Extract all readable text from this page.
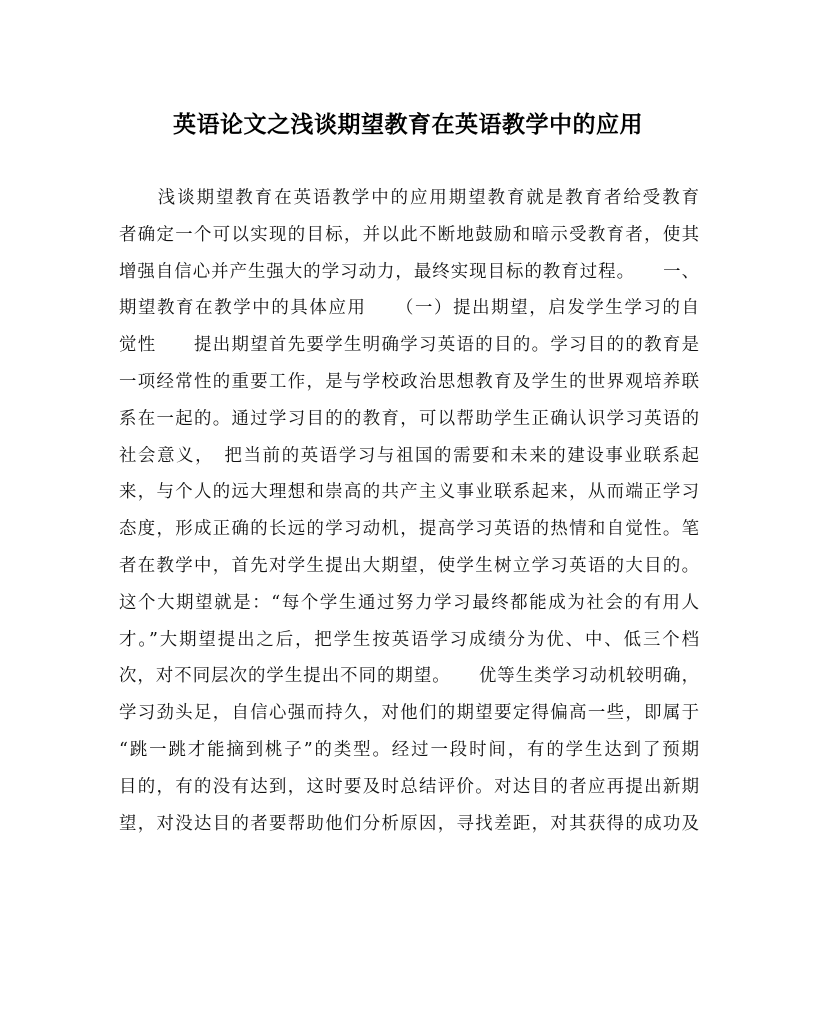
英语论文之浅谈期望教育在英语教学中的应用
　　浅谈期望教育在英语教学中的应用期望教育就是教育者给受教育
者确定一个可以实现的目标，并以此不断地鼓励和暗示受教育者，使其
增强自信心并产生强大的学习动力，最终实现目标的教育过程。　　一、
期望教育在教学中的具体应用　　（一）提出期望，启发学生学习的自
觉性　　提出期望首先要学生明确学习英语的目的。学习目的的教育是
一项经常性的重要工作，是与学校政治思想教育及学生的世界观培养联
系在一起的。通过学习目的的教育，可以帮助学生正确认识学习英语的
社会意义，　把当前的英语学习与祖国的需要和未来的建设事业联系起
来，与个人的远大理想和崇高的共产主义事业联系起来，从而端正学习
态度，形成正确的长远的学习动机，提高学习英语的热情和自觉性。笔
者在教学中，首先对学生提出大期望，使学生树立学习英语的大目的。
这个大期望就是：“每个学生通过努力学习最终都能成为社会的有用人
才。”大期望提出之后，把学生按英语学习成绩分为优、中、低三个档
次，对不同层次的学生提出不同的期望。　　优等生类学习动机较明确，
学习劲头足，自信心强而持久，对他们的期望要定得偏高一些，即属于
“跳一跳才能摘到桃子”的类型。经过一段时间，有的学生达到了预期
目的，有的没有达到，这时要及时总结评价。对达目的者应再提出新期
望，对没达目的者要帮助他们分析原因，寻找差距，对其获得的成功及
